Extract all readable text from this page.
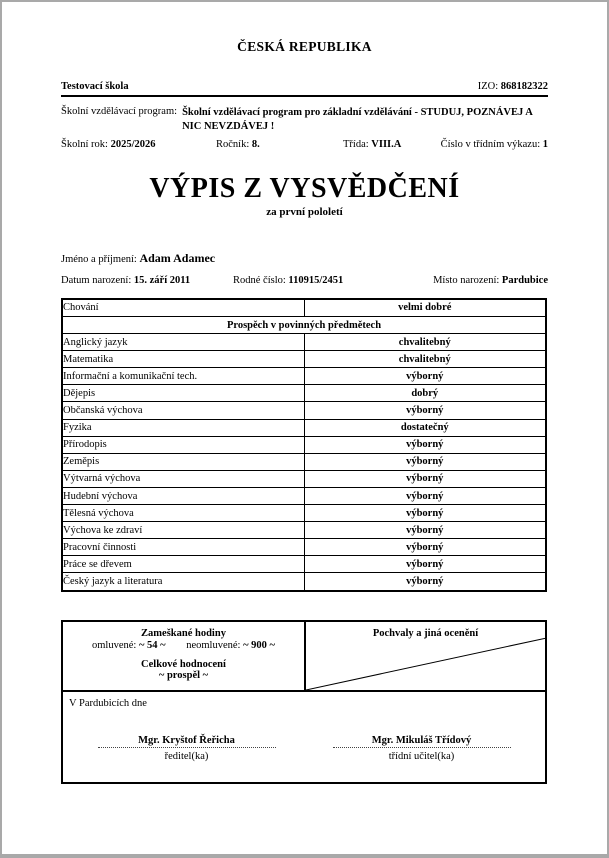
ČESKÁ REPUBLIKA
Testovací škola	IZO: 868182322
Školní vzdělávací program: Školní vzdělávací program pro základní vzdělávání - STUDUJ, POZNÁVEJ A NIC NEVZDÁVEJ !
Školní rok: 2025/2026	Ročník: 8.	Třída: VIII.A	Číslo v třídním výkazu: 1
VÝPIS Z VYSVĚDČENÍ
za první pololetí
Jméno a příjmení: Adam Adamec
Datum narození: 15. září 2011	Rodné číslo: 110915/2451	Místo narození: Pardubice
Chování	velmi dobré
Prospěch v povinných předmětech	
Anglický jazyk	chvalitebný
Matematika	chvalitebný
Informační a komunikační tech.	výborný
Dějepis	dobrý
Občanská výchova	výborný
Fyzika	dostatečný
Přírodopis	výborný
Zeměpis	výborný
Výtvarná výchova	výborný
Hudební výchova	výborný
Tělesná výchova	výborný
Výchova ke zdraví	výborný
Pracovní činnosti	výborný
Práce se dřevem	výborný
Český jazyk a literatura	výborný
Zameškané hodiny
omluvené: ~ 54 ~ neomluvené: ~ 900 ~
Celkové hodnocení
~ prospěl ~
Pochvaly a jiná ocenění
V Pardubicích dne
Mgr. Kryštof Řeřicha
ředitel(ka)
Mgr. Mikuláš Třídový
třídní učitel(ka)
